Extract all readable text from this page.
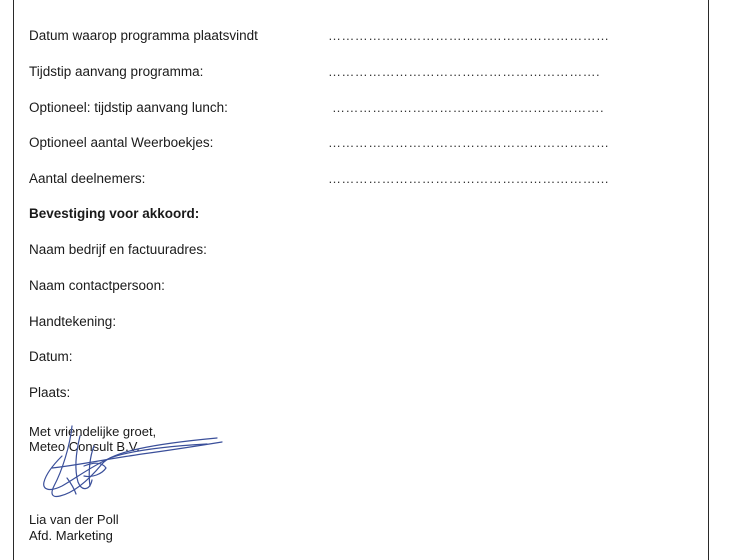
Datum waarop programma plaatsvindt	………………………………………………………
Tijdstip aanvang programma:	…………………………………………………….
Optioneel: tijdstip aanvang lunch:	…………………………………………………….
Optioneel aantal Weerboekjes:	………………………………………………………
Aantal deelnemers:	………………………………………………………
Bevestiging voor akkoord:
Naam bedrijf en factuuradres:
Naam contactpersoon:
Handtekening:
Datum:
Plaats:
Met vriendelijke groet,
Meteo Consult B.V.
Lia van der Poll
Afd. Marketing
